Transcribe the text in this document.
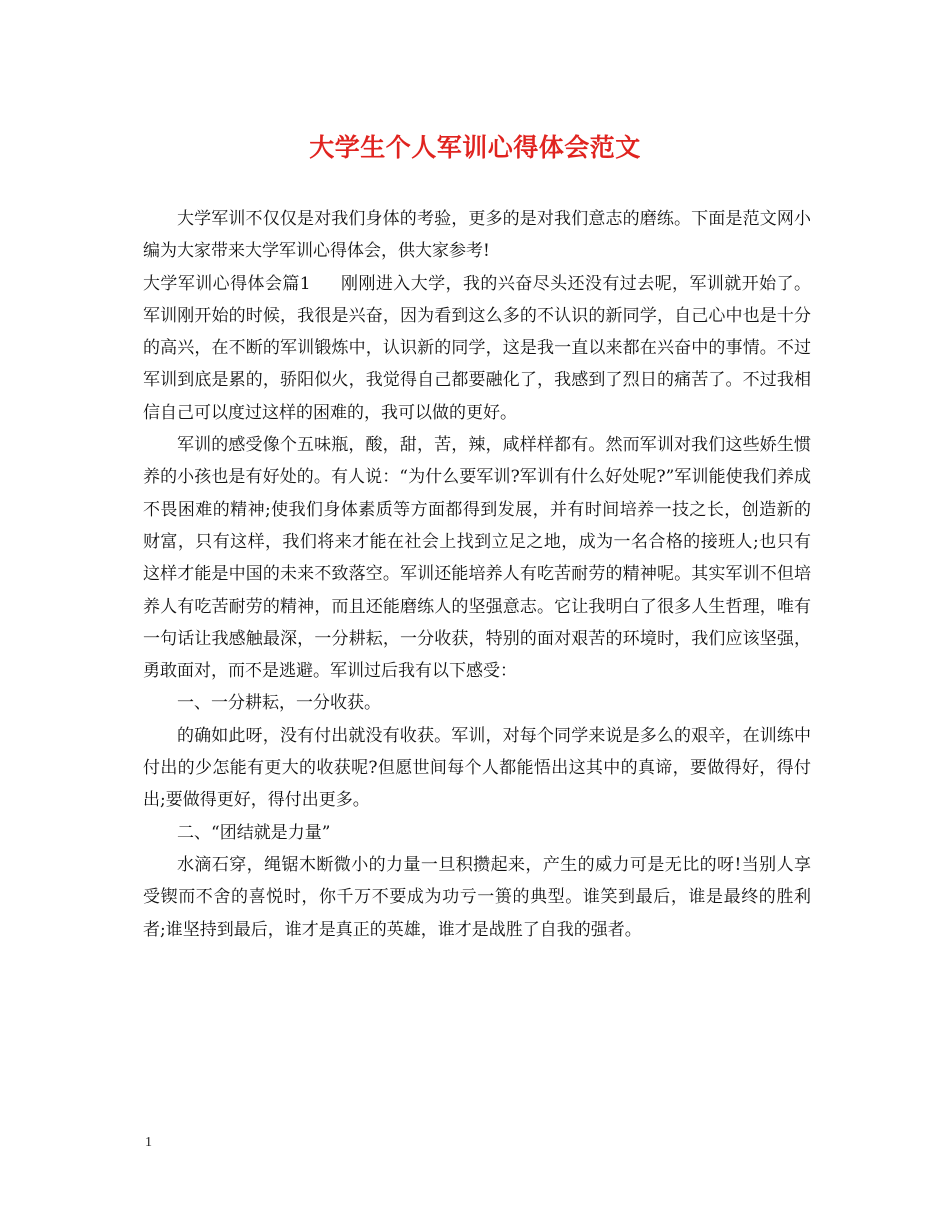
大学生个人军训心得体会范文

大学军训不仅仅是对我们身体的考验，更多的是对我们意志的磨练。下面是范文网小编为大家带来大学军训心得体会，供大家参考!

大学军训心得体会篇1 刚刚进入大学，我的兴奋尽头还没有过去呢，军训就开始了。军训刚开始的时候，我很是兴奋，因为看到这么多的不认识的新同学，自己心中也是十分的高兴，在不断的军训锻炼中，认识新的同学，这是我一直以来都在兴奋中的事情。不过军训到底是累的，骄阳似火，我觉得自己都要融化了，我感到了烈日的痛苦了。不过我相信自己可以度过这样的困难的，我可以做的更好。

军训的感受像个五味瓶，酸，甜，苦，辣，咸样样都有。然而军训对我们这些娇生惯养的小孩也是有好处的。有人说：“为什么要军训?军训有什么好处呢?”军训能使我们养成不畏困难的精神;使我们身体素质等方面都得到发展，并有时间培养一技之长，创造新的财富，只有这样，我们将来才能在社会上找到立足之地，成为一名合格的接班人;也只有这样才能是中国的未来不致落空。军训还能培养人有吃苦耐劳的精神呢。其实军训不但培养人有吃苦耐劳的精神，而且还能磨练人的坚强意志。它让我明白了很多人生哲理，唯有一句话让我感触最深，一分耕耘，一分收获，特别的面对艰苦的环境时，我们应该坚强，勇敢面对，而不是逃避。军训过后我有以下感受：

一、一分耕耘，一分收获。

的确如此呀，没有付出就没有收获。军训，对每个同学来说是多么的艰辛，在训练中付出的少怎能有更大的收获呢?但愿世间每个人都能悟出这其中的真谛，要做得好，得付出;要做得更好，得付出更多。

二、“团结就是力量”

水滴石穿，绳锯木断微小的力量一旦积攒起来，产生的威力可是无比的呀!当别人享受锲而不舍的喜悦时，你千万不要成为功亏一篑的典型。谁笑到最后，谁是最终的胜利者;谁坚持到最后，谁才是真正的英雄，谁才是战胜了自我的强者。

1
